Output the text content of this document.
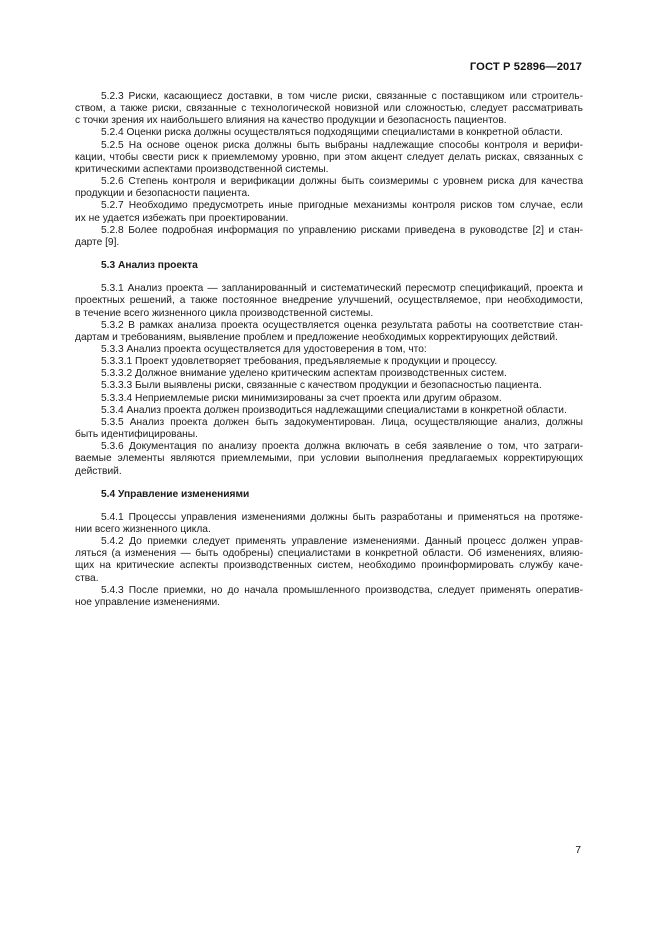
ГОСТ Р 52896—2017
5.2.3 Риски, касающиесz доставки, в том числе риски, связанные с поставщиком или строитель-
ством, а также риски, связанные с технологической новизной или сложностью, следует рассматривать
с точки зрения их наибольшего влияния на качество продукции и безопасность пациентов.
5.2.4 Оценки риска должны осуществляться подходящими специалистами в конкретной области.
5.2.5 На основе оценок риска должны быть выбраны надлежащие способы контроля и верифи-
кации, чтобы свести риск к приемлемому уровню, при этом акцент следует делать рисках, связанных с
критическими аспектами производственной системы.
5.2.6 Степень контроля и верификации должны быть соизмеримы с уровнем риска для качества
продукции и безопасности пациента.
5.2.7 Необходимо предусмотреть иные пригодные механизмы контроля рисков том случае, если
их не удается избежать при проектировании.
5.2.8 Более подробная информация по управлению рисками приведена в руководстве [2] и стан-
дарте [9].
5.3 Анализ проекта
5.3.1 Анализ проекта — запланированный и систематический пересмотр спецификаций, проекта и
проектных решений, а также постоянное внедрение улучшений, осуществляемое, при необходимости,
в течение всего жизненного цикла производственной системы.
5.3.2 В рамках анализа проекта осуществляется оценка результата работы на соответствие стан-
дартам и требованиям, выявление проблем и предложение необходимых корректирующих действий.
5.3.3 Анализ проекта осуществляется для удостоверения в том, что:
5.3.3.1 Проект удовлетворяет требования, предъявляемые к продукции и процессу.
5.3.3.2 Должное внимание уделено критическим аспектам производственных систем.
5.3.3.3 Были выявлены риски, связанные с качеством продукции и безопасностью пациента.
5.3.3.4 Неприемлемые риски минимизированы за счет проекта или другим образом.
5.3.4 Анализ проекта должен производиться надлежащими специалистами в конкретной области.
5.3.5 Анализ проекта должен быть задокументирован. Лица, осуществляющие анализ, должны
быть идентифицированы.
5.3.6 Документация по анализу проекта должна включать в себя заявление о том, что затраги-
ваемые элементы являются приемлемыми, при условии выполнения предлагаемых корректирующих
действий.
5.4 Управление изменениями
5.4.1 Процессы управления изменениями должны быть разработаны и применяться на протяже-
нии всего жизненного цикла.
5.4.2 До приемки следует применять управление изменениями. Данный процесс должен управ-
ляться (а изменения — быть одобрены) специалистами в конкретной области. Об изменениях, влияю-
щих на критические аспекты производственных систем, необходимо проинформировать службу каче-
ства.
5.4.3 После приемки, но до начала промышленного производства, следует применять оператив-
ное управление изменениями.
7
